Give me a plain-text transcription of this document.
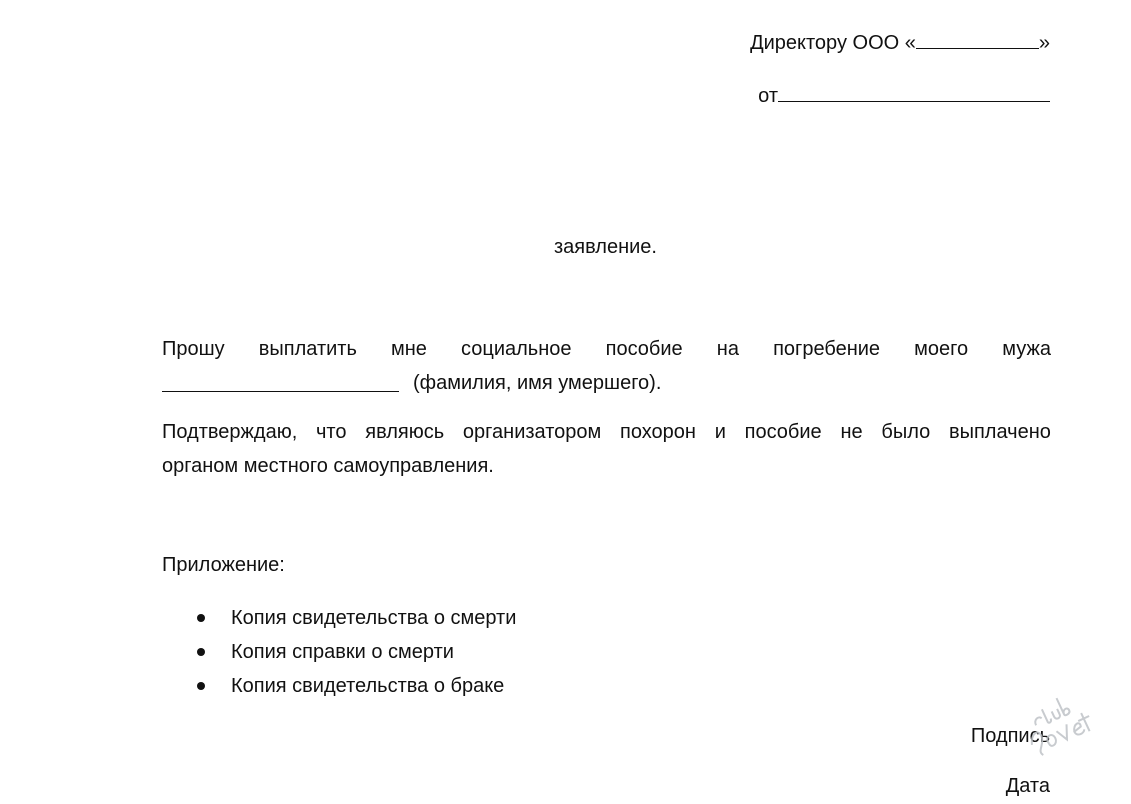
Директору ООО «	»
от
заявление.
Прошу выплатить мне социальное пособие на погребение моего мужа
(фамилия, имя умершего).
Подтверждаю, что являюсь организатором похорон и пособие не было выплачено
органом местного самоуправления.
Приложение:
Копия свидетельства о смерти
Копия справки о смерти
Копия свидетельства о браке
Подпись
Дата
